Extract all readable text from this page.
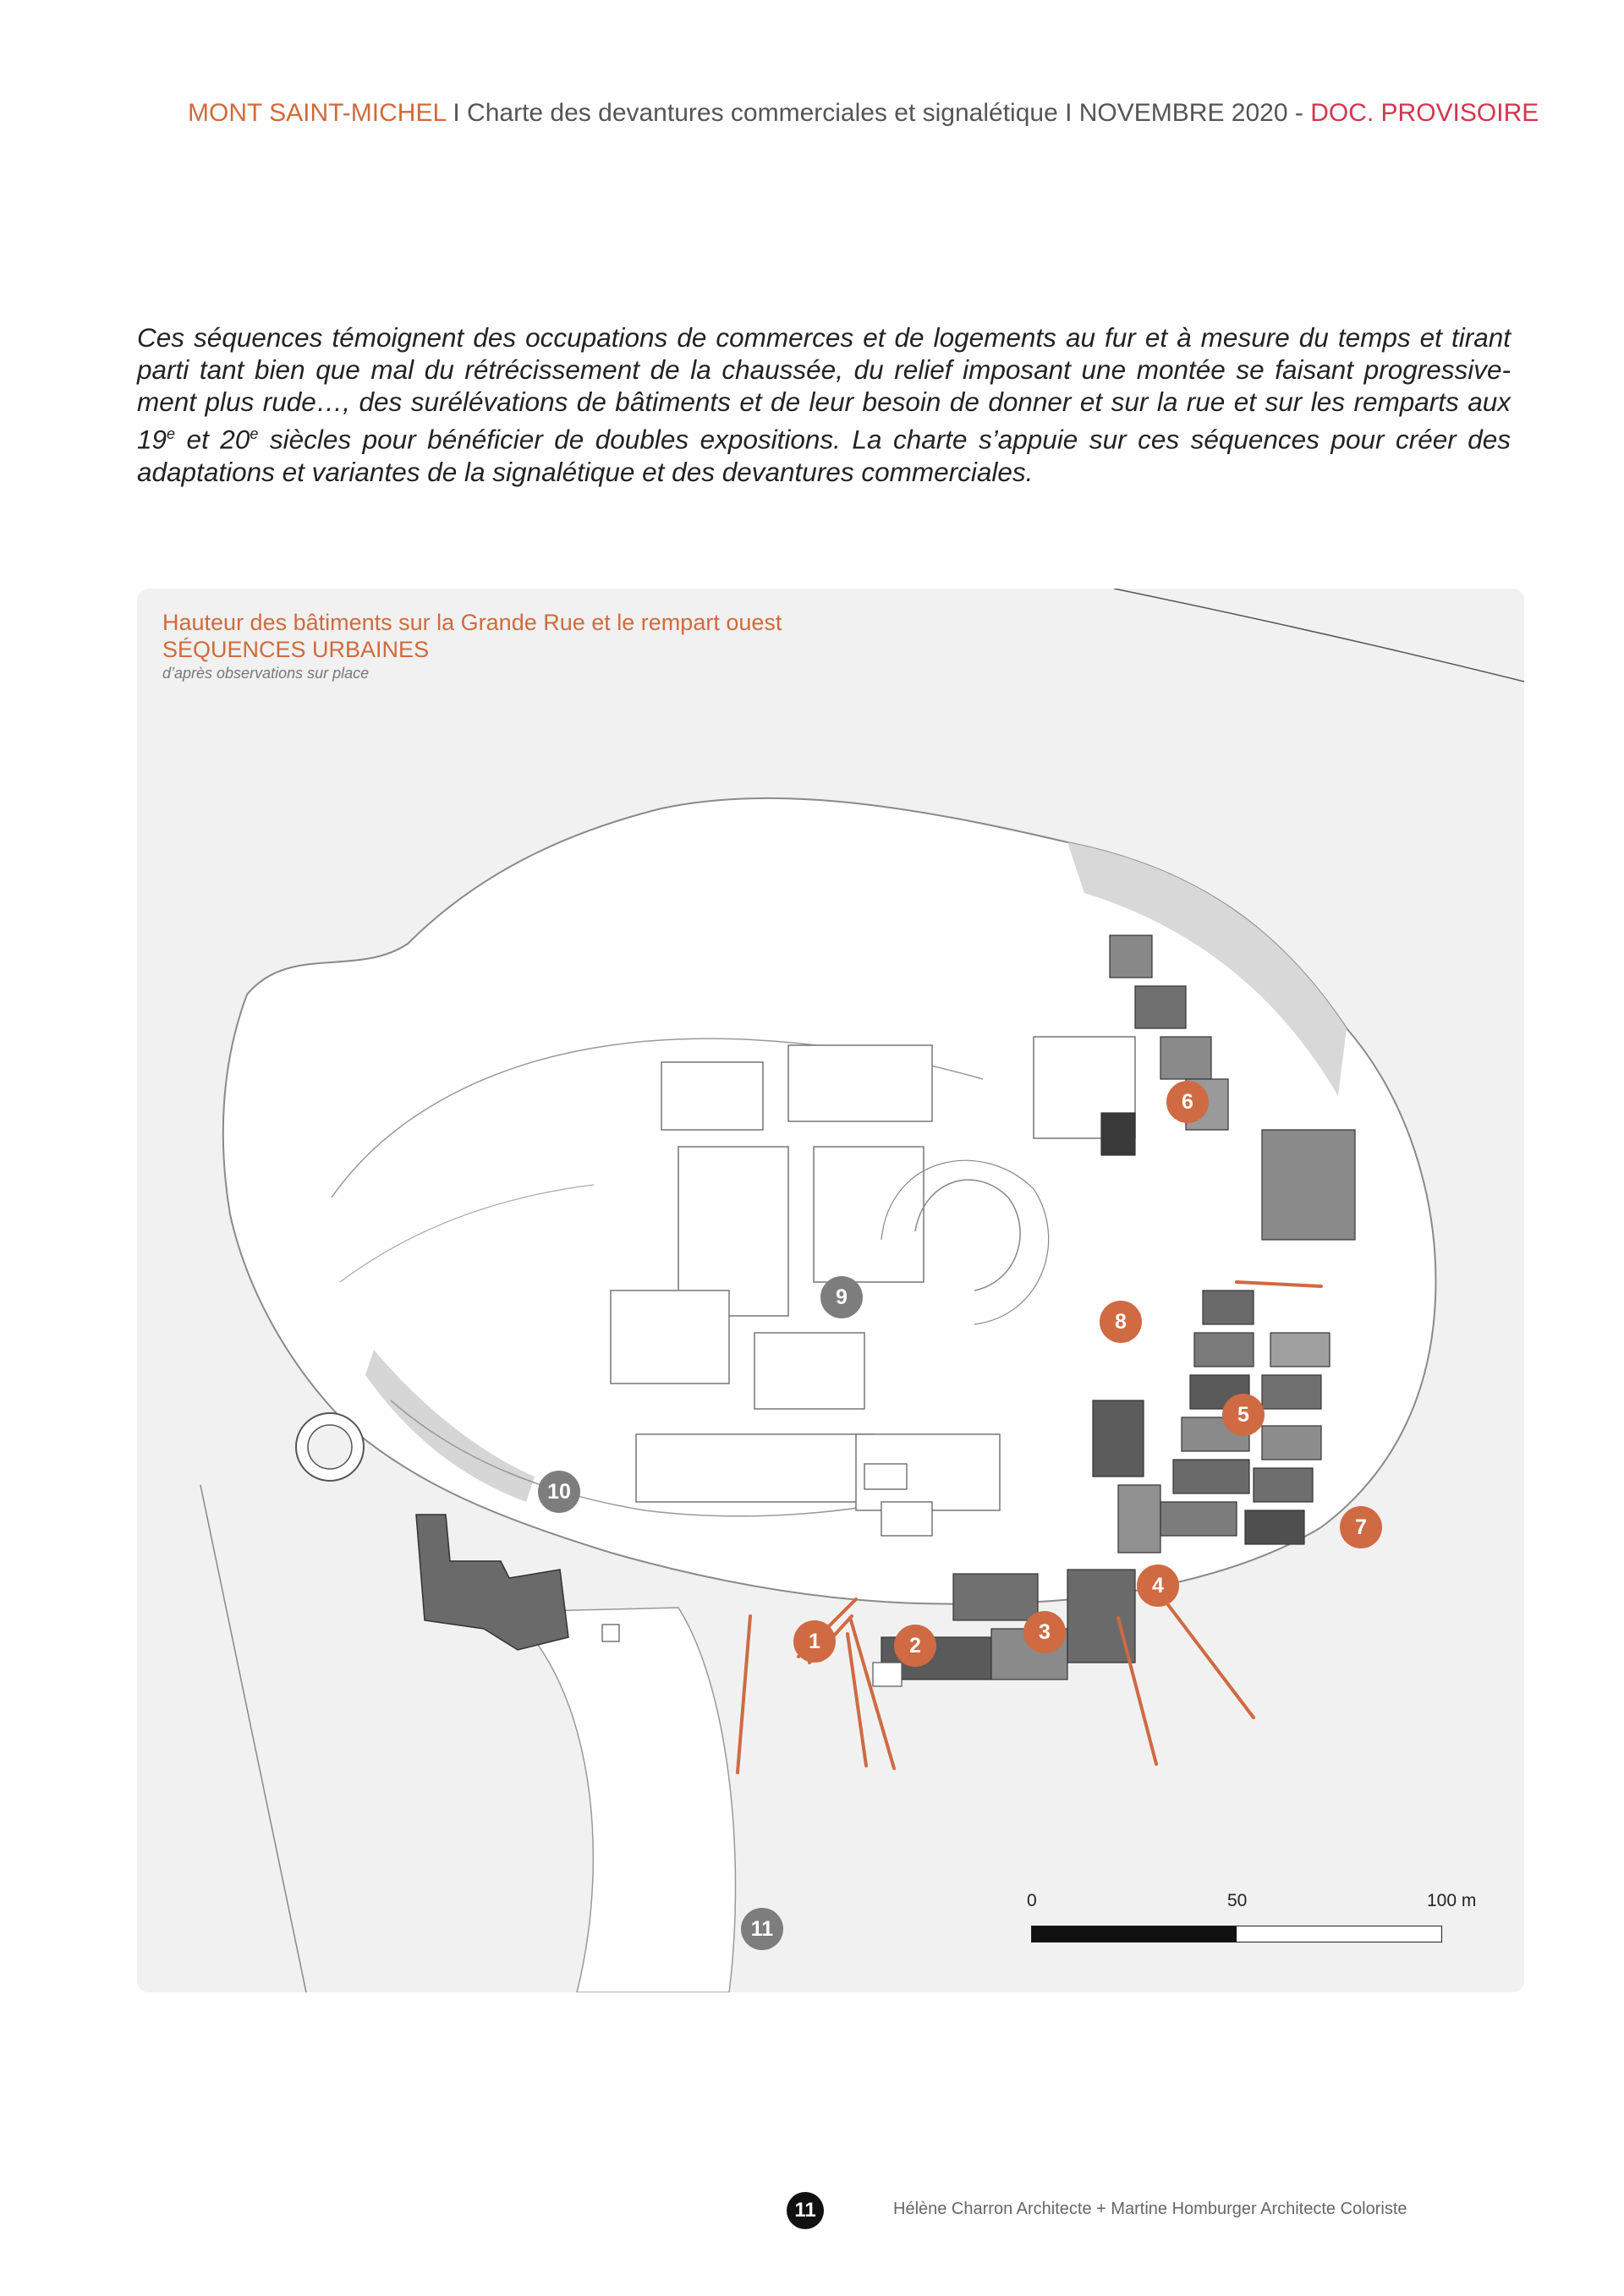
MONT SAINT-MICHEL I Charte des devantures commerciales et signalétique I NOVEMBRE 2020 - DOC. PROVISOIRE
Ces séquences témoignent des occupations de commerces et de logements au fur et à mesure du temps et tirant parti tant bien que mal du rétrécissement de la chaussée, du relief imposant une montée se faisant progressive-ment plus rude…, des surélévations de bâtiments et de leur besoin de donner et sur la rue et sur les remparts aux 19e et 20e siècles pour bénéficier de doubles expositions. La charte s’appuie sur ces séquences pour créer des adaptations et variantes de la signalétique et des devantures commerciales.
Hauteur des bâtiments sur la Grande Rue et le rempart ouest
SÉQUENCES URBAINES
d’après observations sur place
1	2
3
4
5
6
7
8
9
10
11
0	50	100 m
11	Hélène Charron Architecte + Martine Homburger Architecte Coloriste
